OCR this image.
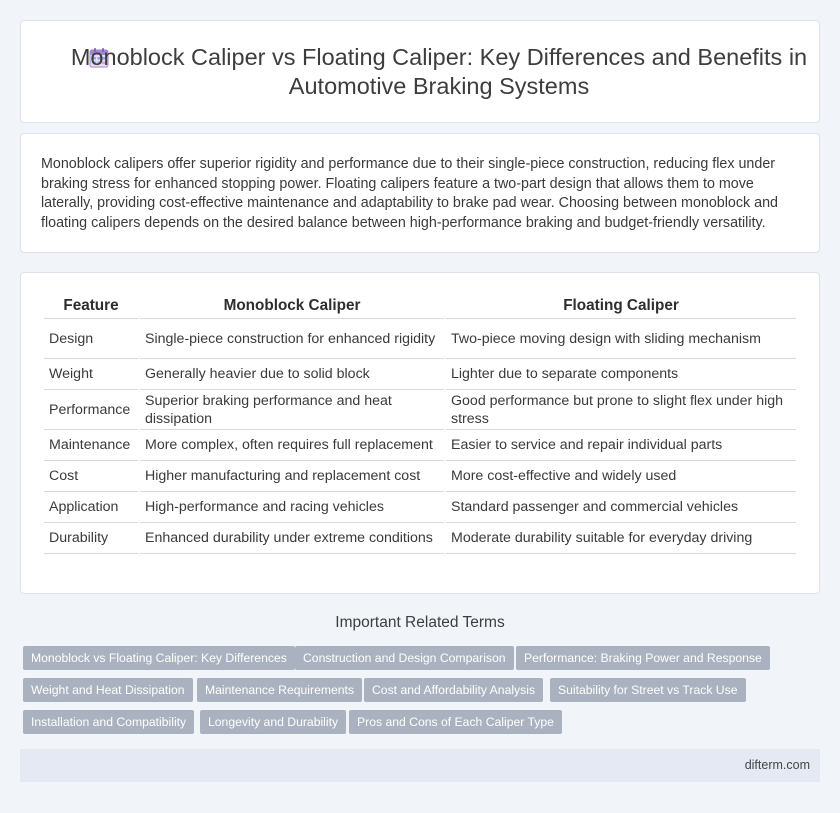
Monoblock Caliper vs Floating Caliper: Key Differences and Benefits in Automotive Braking Systems

Monoblock calipers offer superior rigidity and performance due to their single-piece construction, reducing flex under braking stress for enhanced stopping power. Floating calipers feature a two-part design that allows them to move laterally, providing cost-effective maintenance and adaptability to brake pad wear. Choosing between monoblock and floating calipers depends on the desired balance between high-performance braking and budget-friendly versatility.

Feature	Monoblock Caliper	Floating Caliper
Design	Single-piece construction for enhanced rigidity	Two-piece moving design with sliding mechanism
Weight	Generally heavier due to solid block	Lighter due to separate components
Performance	Superior braking performance and heat dissipation	Good performance but prone to slight flex under high stress
Maintenance	More complex, often requires full replacement	Easier to service and repair individual parts
Cost	Higher manufacturing and replacement cost	More cost-effective and widely used
Application	High-performance and racing vehicles	Standard passenger and commercial vehicles
Durability	Enhanced durability under extreme conditions	Moderate durability suitable for everyday driving
Important Related Terms
Monoblock vs Floating Caliper: Key Differences	Construction and Design Comparison	Performance: Braking Power and Response
Weight and Heat Dissipation	Maintenance Requirements	Cost and Affordability Analysis	Suitability for Street vs Track Use
Installation and Compatibility	Longevity and Durability	Pros and Cons of Each Caliper Type
difterm.com
